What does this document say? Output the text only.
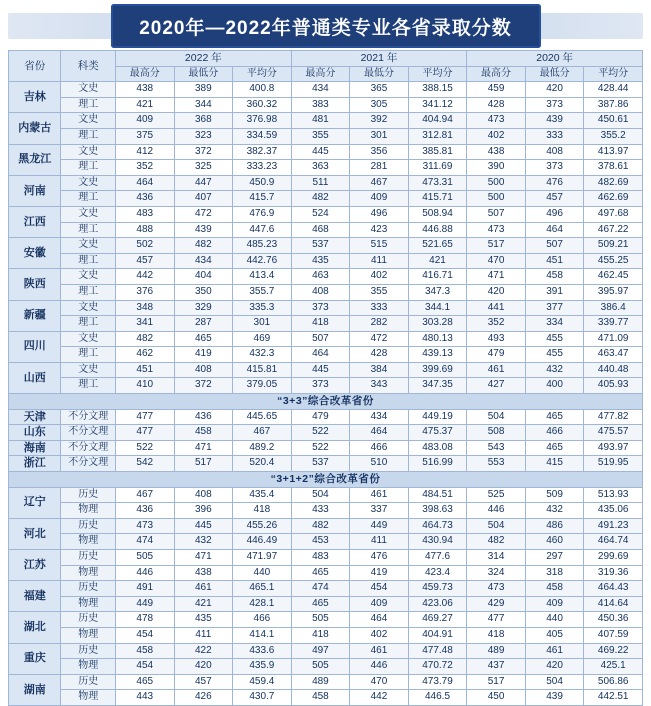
2020年—2022年普通类专业各省录取分数
省份	科类	2022 年			2021 年			2020 年		
		最高分	最低分	平均分	最高分	最低分	平均分	最高分	最低分	平均分
吉林	文史	438	389	400.8	434	365	388.15	459	420	428.44
	理工	421	344	360.32	383	305	341.12	428	373	387.86
内蒙古	文史	409	368	376.98	481	392	404.94	473	439	450.61
	理工	375	323	334.59	355	301	312.81	402	333	355.2
黑龙江	文史	412	372	382.37	445	356	385.81	438	408	413.97
	理工	352	325	333.23	363	281	311.69	390	373	378.61
河南	文史	464	447	450.9	511	467	473.31	500	476	482.69
	理工	436	407	415.7	482	409	415.71	500	457	462.69
江西	文史	483	472	476.9	524	496	508.94	507	496	497.68
	理工	488	439	447.6	468	423	446.88	473	464	467.22
安徽	文史	502	482	485.23	537	515	521.65	517	507	509.21
	理工	457	434	442.76	435	411	421	470	451	455.25
陕西	文史	442	404	413.4	463	402	416.71	471	458	462.45
	理工	376	350	355.7	408	355	347.3	420	391	395.97
新疆	文史	348	329	335.3	373	333	344.1	441	377	386.4
	理工	341	287	301	418	282	303.28	352	334	339.77
四川	文史	482	465	469	507	472	480.13	493	455	471.09
	理工	462	419	432.3	464	428	439.13	479	455	463.47
山西	文史	451	408	415.81	445	384	399.69	461	432	440.48
	理工	410	372	379.05	373	343	347.35	427	400	405.93
“3+3”综合改革省份										
天津	不分文理	477	436	445.65	479	434	449.19	504	465	477.82
山东	不分文理	477	458	467	522	464	475.37	508	466	475.57
海南	不分文理	522	471	489.2	522	466	483.08	543	465	493.97
浙江	不分文理	542	517	520.4	537	510	516.99	553	415	519.95
“3+1+2”综合改革省份										
辽宁	历史	467	408	435.4	504	461	484.51	525	509	513.93
	物理	436	396	418	433	337	398.63	446	432	435.06
河北	历史	473	445	455.26	482	449	464.73	504	486	491.23
	物理	474	432	446.49	453	411	430.94	482	460	464.74
江苏	历史	505	471	471.97	483	476	477.6	314	297	299.69
	物理	446	438	440	465	419	423.4	324	318	319.36
福建	历史	491	461	465.1	474	454	459.73	473	458	464.43
	物理	449	421	428.1	465	409	423.06	429	409	414.64
湖北	历史	478	435	466	505	464	469.27	477	440	450.36
	物理	454	411	414.1	418	402	404.91	418	405	407.59
重庆	历史	458	422	433.6	497	461	477.48	489	461	469.22
	物理	454	420	435.9	505	446	470.72	437	420	425.1
湖南	历史	465	457	459.4	489	470	473.79	517	504	506.86
	物理	443	426	430.7	458	442	446.5	450	439	442.51
